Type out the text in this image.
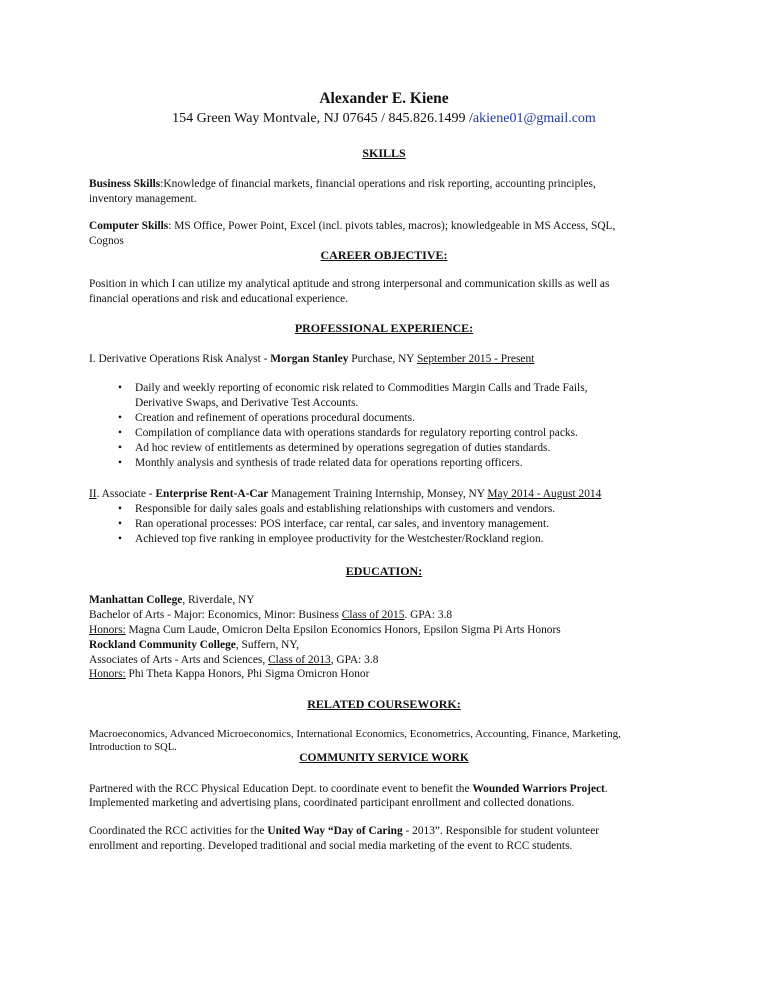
Alexander E. Kiene
154 Green Way Montvale, NJ 07645 / 845.826.1499 /akiene01@gmail.com
SKILLS
Business Skills:Knowledge of financial markets, financial operations and risk reporting, accounting principles,
inventory management.
Computer Skills: MS Office, Power Point, Excel (incl. pivots tables, macros); knowledgeable in MS Access, SQL,
Cognos
CAREER OBJECTIVE:
Position in which I can utilize my analytical aptitude and strong interpersonal and communication skills as well as
financial operations and risk and educational experience.
PROFESSIONAL EXPERIENCE:
I. Derivative Operations Risk Analyst - Morgan Stanley Purchase, NY September 2015 - Present
• Daily and weekly reporting of economic risk related to Commodities Margin Calls and Trade Fails,
Derivative Swaps, and Derivative Test Accounts.
• Creation and refinement of operations procedural documents.
• Compilation of compliance data with operations standards for regulatory reporting control packs.
• Ad hoc review of entitlements as determined by operations segregation of duties standards.
• Monthly analysis and synthesis of trade related data for operations reporting officers.
II. Associate - Enterprise Rent-A-Car Management Training Internship, Monsey, NY May 2014 - August 2014
• Responsible for daily sales goals and establishing relationships with customers and vendors.
• Ran operational processes: POS interface, car rental, car sales, and inventory management.
• Achieved top five ranking in employee productivity for the Westchester/Rockland region.
EDUCATION:
Manhattan College, Riverdale, NY
Bachelor of Arts - Major: Economics, Minor: Business Class of 2015. GPA: 3.8
Honors: Magna Cum Laude, Omicron Delta Epsilon Economics Honors, Epsilon Sigma Pi Arts Honors
Rockland Community College, Suffern, NY,
Associates of Arts - Arts and Sciences, Class of 2013, GPA: 3.8
Honors: Phi Theta Kappa Honors, Phi Sigma Omicron Honor
RELATED COURSEWORK:
Macroeconomics, Advanced Microeconomics, International Economics, Econometrics, Accounting, Finance, Marketing,
Introduction to SQL.
COMMUNITY SERVICE WORK
Partnered with the RCC Physical Education Dept. to coordinate event to benefit the Wounded Warriors Project.
Implemented marketing and advertising plans, coordinated participant enrollment and collected donations.
Coordinated the RCC activities for the United Way “Day of Caring - 2013”. Responsible for student volunteer
enrollment and reporting. Developed traditional and social media marketing of the event to RCC students.
